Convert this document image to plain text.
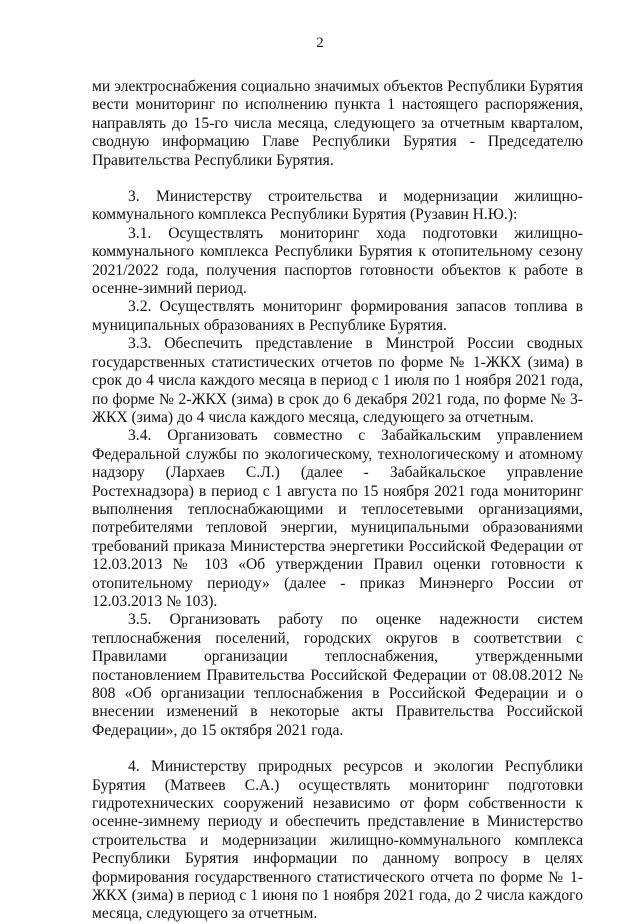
2

ми электроснабжения социально значимых объектов Республики Бурятия вести мониторинг по исполнению пункта 1 настоящего распоряжения, направлять до 15-го числа месяца, следующего за отчетным кварталом, сводную информацию Главе Республики Бурятия - Председателю Правительства Республики Бурятия.

3. Министерству строительства и модернизации жилищно-коммунального комплекса Республики Бурятия (Рузавин Н.Ю.):

3.1. Осуществлять мониторинг хода подготовки жилищно-коммунального комплекса Республики Бурятия к отопительному сезону 2021/2022 года, получения паспортов готовности объектов к работе в осенне-зимний период.

3.2. Осуществлять мониторинг формирования запасов топлива в муниципальных образованиях в Республике Бурятия.

3.3. Обеспечить представление в Минстрой России сводных государственных статистических отчетов по форме № 1-ЖКХ (зима) в срок до 4 числа каждого месяца в период с 1 июля по 1 ноября 2021 года, по форме № 2-ЖКХ (зима) в срок до 6 декабря 2021 года, по форме № 3-ЖКХ (зима) до 4 числа каждого месяца, следующего за отчетным.

3.4. Организовать совместно с Забайкальским управлением Федеральной службы по экологическому, технологическому и атомному надзору (Лархаев С.Л.) (далее - Забайкальское управление Ростехнадзора) в период с 1 августа по 15 ноября 2021 года мониторинг выполнения теплоснабжающими и теплосетевыми организациями, потребителями тепловой энергии, муниципальными образованиями требований приказа Министерства энергетики Российской Федерации от 12.03.2013 № 103 «Об утверждении Правил оценки готовности к отопительному периоду» (далее - приказ Минэнерго России от 12.03.2013 № 103).

3.5. Организовать работу по оценке надежности систем теплоснабжения поселений, городских округов в соответствии с Правилами организации теплоснабжения, утвержденными постановлением Правительства Российской Федерации от 08.08.2012 № 808 «Об организации теплоснабжения в Российской Федерации и о внесении изменений в некоторые акты Правительства Российской Федерации», до 15 октября 2021 года.

4. Министерству природных ресурсов и экологии Республики Бурятия (Матвеев С.А.) осуществлять мониторинг подготовки гидротехнических сооружений независимо от форм собственности к осенне-зимнему периоду и обеспечить представление в Министерство строительства и модернизации жилищно-коммунального комплекса Республики Бурятия информации по данному вопросу в целях формирования государственного статистического отчета по форме № 1-ЖКХ (зима) в период с 1 июня по 1 ноября 2021 года, до 2 числа каждого месяца, следующего за отчетным.
